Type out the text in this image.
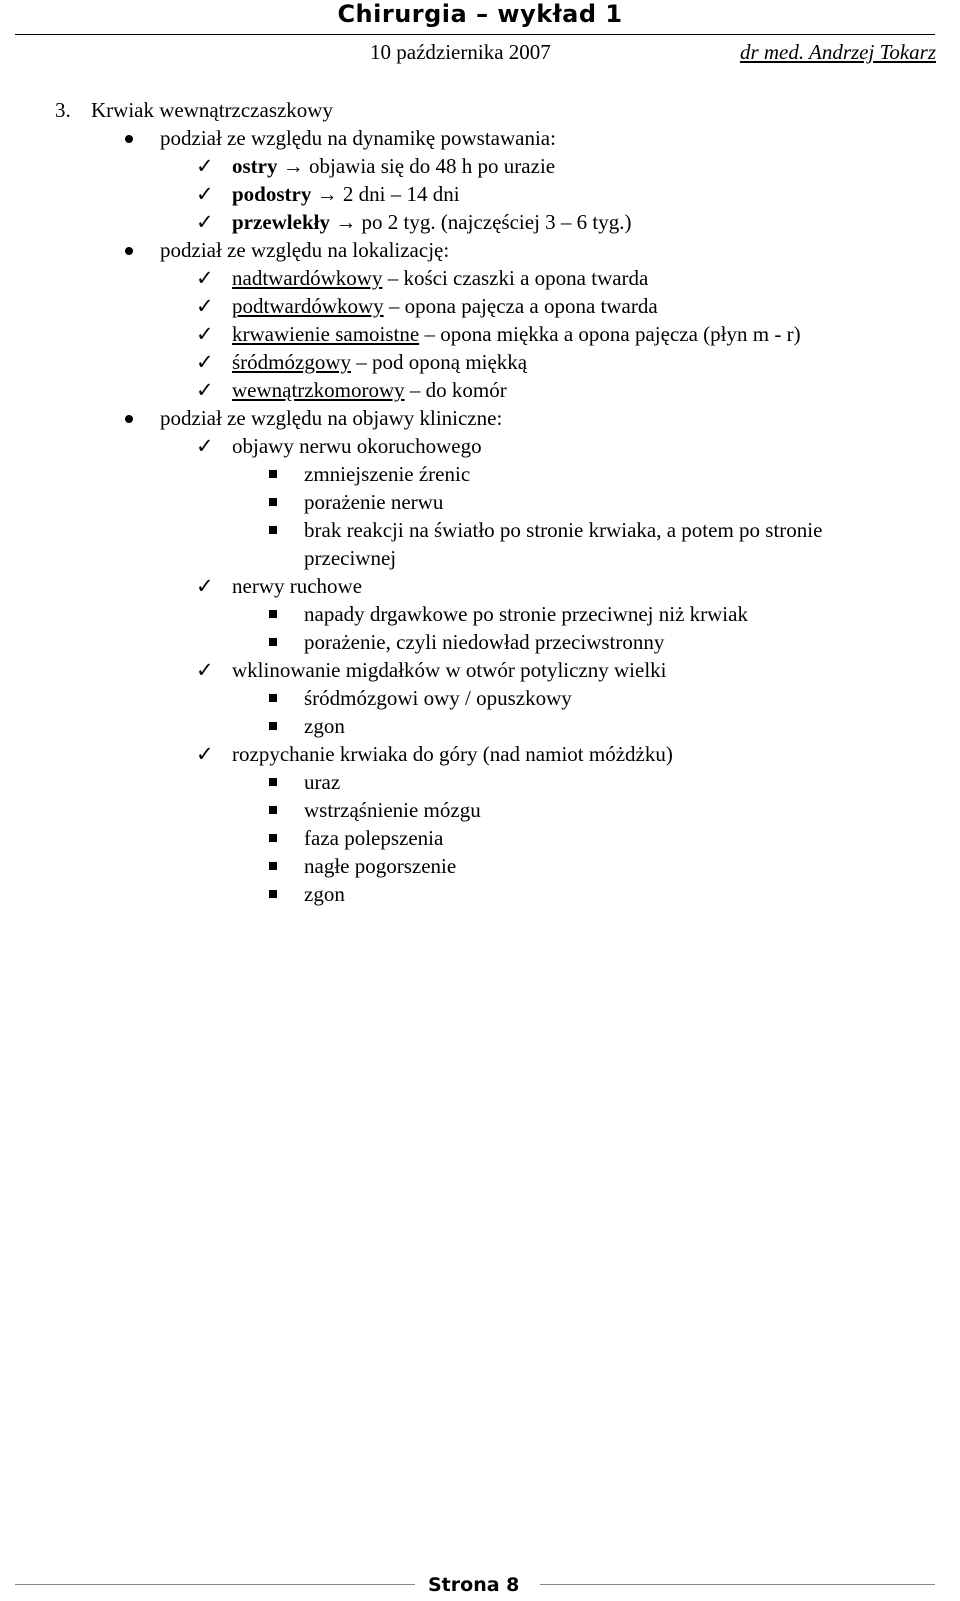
Chirurgia – wykład 1
10 października 2007	dr med. Andrzej Tokarz
3. Krwiak wewnątrzczaszkowy
podział ze względu na dynamikę powstawania:
✓ ostry → objawia się do 48 h po urazie
✓ podostry → 2 dni – 14 dni
✓ przewlekły → po 2 tyg. (najczęściej 3 – 6 tyg.)
podział ze względu na lokalizację:
✓ nadtwardówkowy – kości czaszki a opona twarda
✓ podtwardówkowy – opona pajęcza a opona twarda
✓ krwawienie samoistne – opona miękka a opona pajęcza (płyn m - r)
✓ śródmózgowy – pod oponą miękką
✓ wewnątrzkomorowy – do komór
podział ze względu na objawy kliniczne:
✓ objawy nerwu okoruchowego
zmniejszenie źrenic
porażenie nerwu
brak reakcji na światło po stronie krwiaka, a potem po stronie
przeciwnej
✓ nerwy ruchowe
napady drgawkowe po stronie przeciwnej niż krwiak
porażenie, czyli niedowład przeciwstronny
✓ wklinowanie migdałków w otwór potyliczny wielki
śródmózgowi owy / opuszkowy
zgon
✓ rozpychanie krwiaka do góry (nad namiot móżdżku)
uraz
wstrząśnienie mózgu
faza polepszenia
nagłe pogorszenie
zgon
Strona 8
